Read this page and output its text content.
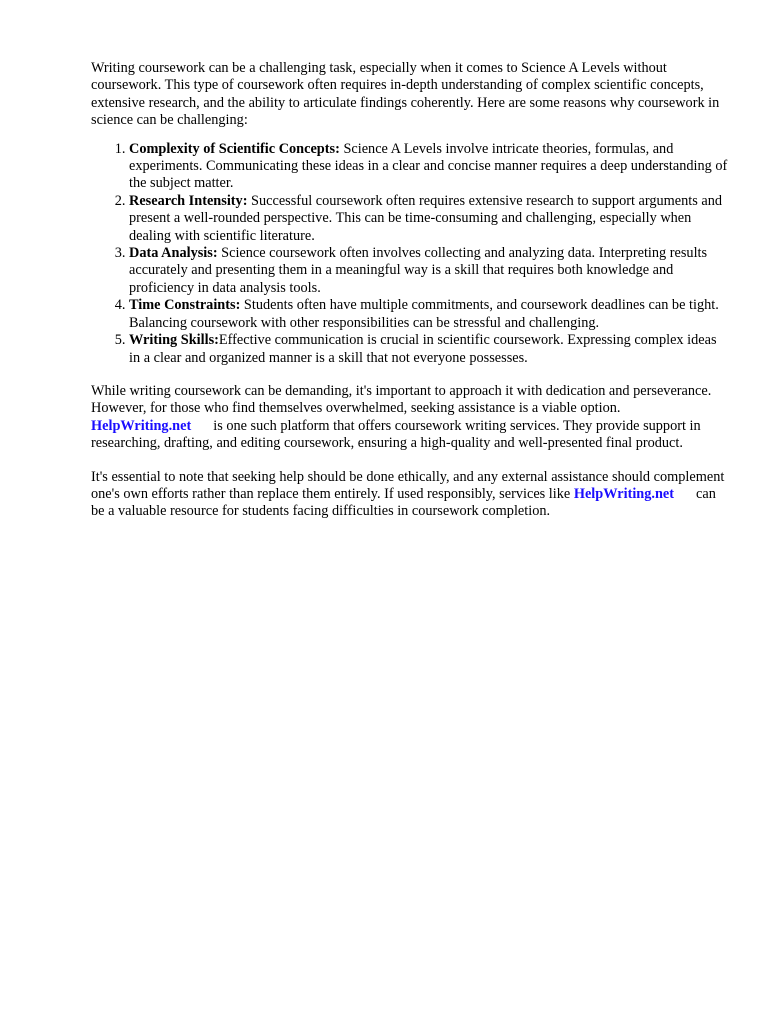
Writing coursework can be a challenging task, especially when it comes to Science A Levels without coursework. This type of coursework often requires in-depth understanding of complex scientific concepts, extensive research, and the ability to articulate findings coherently. Here are some reasons why coursework in science can be challenging:

1. Complexity of Scientific Concepts: Science A Levels involve intricate theories, formulas, and experiments. Communicating these ideas in a clear and concise manner requires a deep understanding of the subject matter.
2. Research Intensity: Successful coursework often requires extensive research to support arguments and present a well-rounded perspective. This can be time-consuming and challenging, especially when dealing with scientific literature.
3. Data Analysis: Science coursework often involves collecting and analyzing data. Interpreting results accurately and presenting them in a meaningful way is a skill that requires both knowledge and proficiency in data analysis tools.
4. Time Constraints: Students often have multiple commitments, and coursework deadlines can be tight. Balancing coursework with other responsibilities can be stressful and challenging.
5. Writing Skills:Effective communication is crucial in scientific coursework. Expressing complex ideas in a clear and organized manner is a skill that not everyone possesses.

While writing coursework can be demanding, it's important to approach it with dedication and perseverance. However, for those who find themselves overwhelmed, seeking assistance is a viable option.HelpWriting.net is one such platform that offers coursework writing services. They provide support in researching, drafting, and editing coursework, ensuring a high-quality and well-presented final product.

It's essential to note that seeking help should be done ethically, and any external assistance should complement one's own efforts rather than replace them entirely. If used responsibly, services like HelpWriting.net can be a valuable resource for students facing difficulties in coursework completion.
